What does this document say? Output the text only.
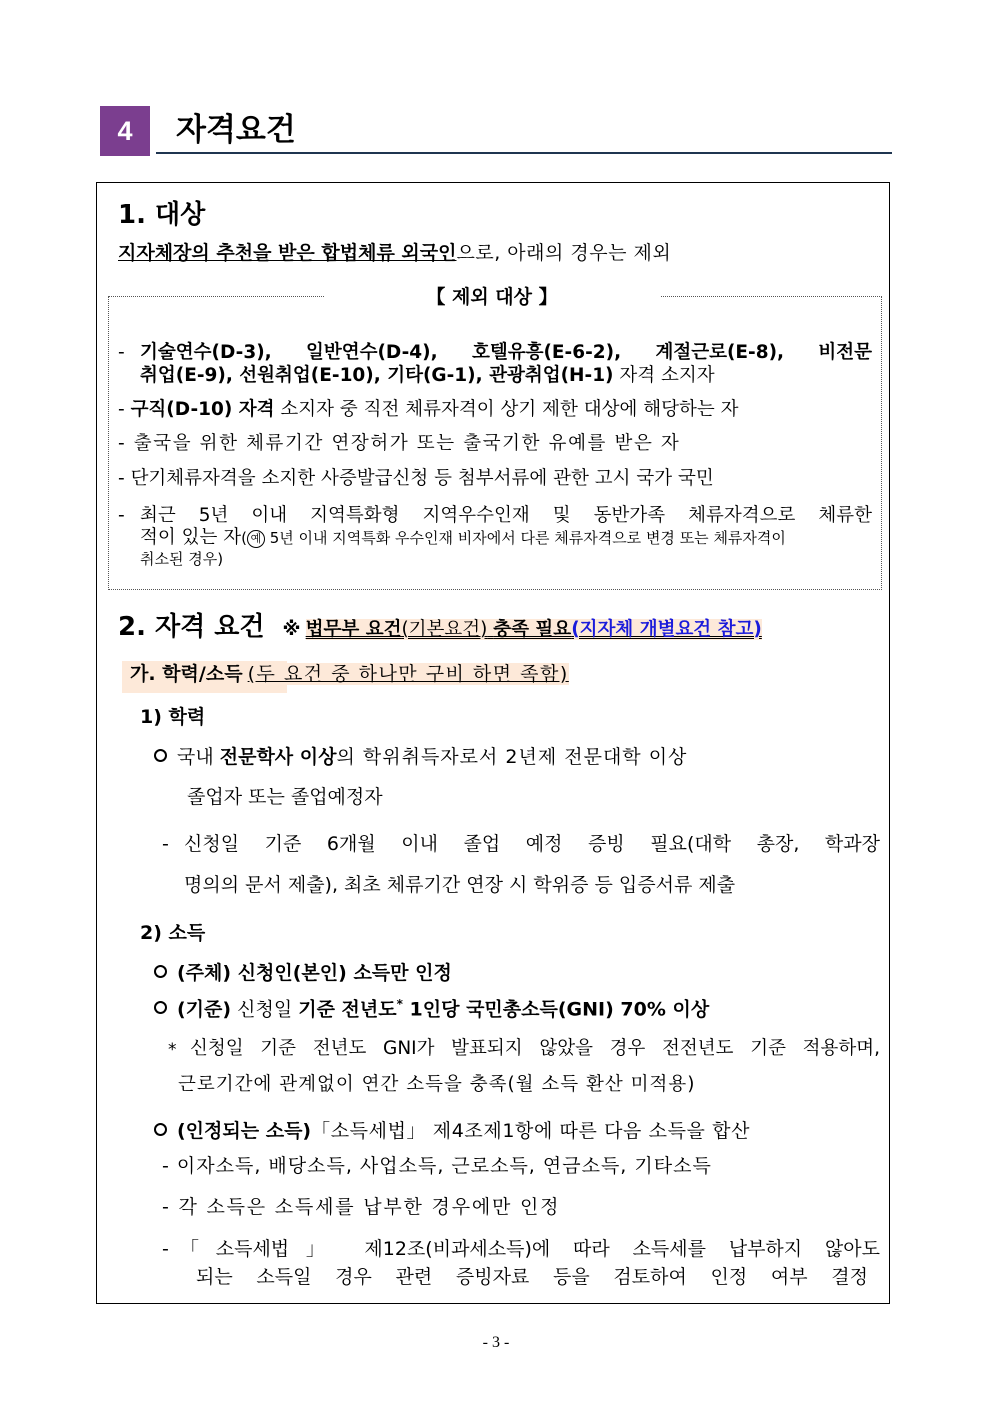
4 자격요건
1. 대상
지자체장의 추천을 받은 합법체류 외국인으로, 아래의 경우는 제외
【 제외 대상 】
- 기술연수(D-3), 일반연수(D-4), 호텔유흥(E-6-2), 계절근로(E-8), 비전문
취업(E-9), 선원취업(E-10), 기타(G-1), 관광취업(H-1) 자격 소지자
- 구직(D-10) 자격 소지자 중 직전 체류자격이 상기 제한 대상에 해당하는 자
- 출국을 위한 체류기간 연장허가 또는 출국기한 유예를 받은 자
- 단기체류자격을 소지한 사증발급신청 등 첨부서류에 관한 고시 국가 국민
- 최근 5년 이내 지역특화형 지역우수인재 및 동반가족 체류자격으로 체류한
적이 있는 자( 예 5년 이내 지역특화 우수인재 비자에서 다른 체류자격으로 변경 또는 체류자격이
취소된 경우)
2. 자격 요건 ※ 법무부 요건(기본요건) 충족 필요(지자체 개별요건 참고)
가. 학력/소득 (두 요건 중 하나만 구비 하면 족함)
1) 학력
국내 전문학사 이상의 학위취득자로서 2년제 전문대학 이상
졸업자 또는 졸업예정자
- 신청일 기준 6개월 이내 졸업 예정 증빙 필요(대학 총장, 학과장
명의의 문서 제출), 최초 체류기간 연장 시 학위증 등 입증서류 제출
2) 소득
(주체) 신청인(본인) 소득만 인정
(기준) 신청일 기준 전년도* 1인당 국민총소득(GNI) 70% 이상
* 신청일 기준 전년도 GNI가 발표되지 않았을 경우 전전년도 기준 적용하며,
근로기간에 관계없이 연간 소득을 충족(월 소득 환산 미적용)
(인정되는 소득)「소득세법」 제4조제1항에 따른 다음 소득을 합산
- 이자소득, 배당소득, 사업소득, 근로소득, 연금소득, 기타소득
- 각 소득은 소득세를 납부한 경우에만 인정
- 「소득세법」 제12조(비과세소득)에 따라 소득세를 납부하지 않아도
되는 소득일 경우 관련 증빙자료 등을 검토하여 인정 여부 결정
- 3 -
